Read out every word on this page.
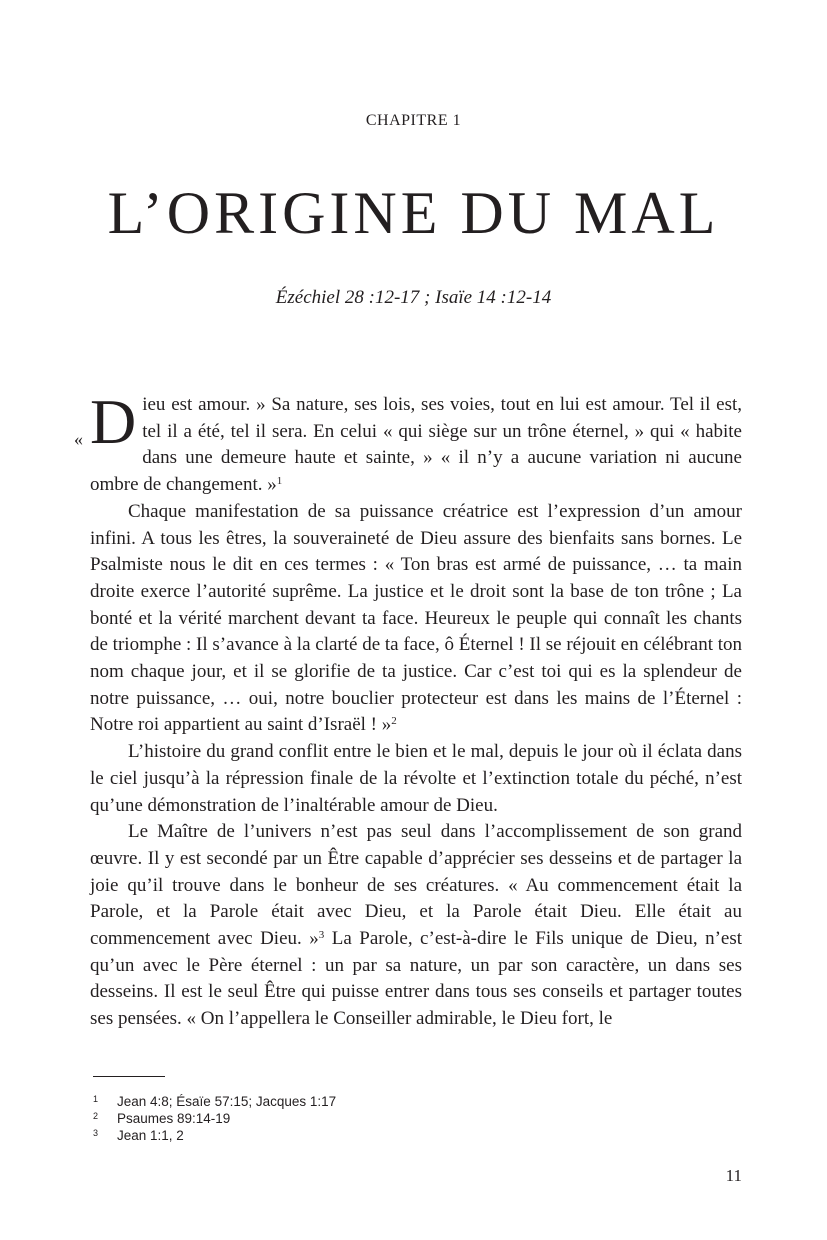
CHAPITRE 1
L’ORIGINE DU MAL
Ézéchiel 28 :12-17 ; Isaïe 14 :12-14
« Dieu est amour. » Sa nature, ses lois, ses voies, tout en lui est amour. Tel il est, tel il a été, tel il sera. En celui « qui siège sur un trône éternel, » qui « habite dans une demeure haute et sainte, » « il n’y a aucune variation ni aucune ombre de changement. »$^1$

Chaque manifestation de sa puissance créatrice est l’expression d’un amour infini. A tous les êtres, la souveraineté de Dieu assure des bienfaits sans bornes. Le Psalmiste nous le dit en ces termes : « Ton bras est armé de puissance, … ta main droite exerce l’autorité suprême. La justice et le droit sont la base de ton trône ; La bonté et la vérité marchent devant ta face. Heureux le peuple qui connaît les chants de triomphe : Il s’avance à la clarté de ta face, ô Éternel ! Il se réjouit en célébrant ton nom chaque jour, et il se glorifie de ta justice. Car c’est toi qui es la splendeur de notre puissance, … oui, notre bouclier protecteur est dans les mains de l’Éternel : Notre roi appartient au saint d’Israël ! »$^2$

L’histoire du grand conflit entre le bien et le mal, depuis le jour où il éclata dans le ciel jusqu’à la répression finale de la révolte et l’extinction totale du péché, n’est qu’une démonstration de l’inaltérable amour de Dieu.

Le Maître de l’univers n’est pas seul dans l’accomplissement de son grand œuvre. Il y est secondé par un Être capable d’apprécier ses desseins et de partager la joie qu’il trouve dans le bonheur de ses créatures. « Au commencement était la Parole, et la Parole était avec Dieu, et la Parole était Dieu. Elle était au commencement avec Dieu. »$^3$ La Parole, c’est-à-dire le Fils unique de Dieu, n’est qu’un avec le Père éternel : un par sa nature, un par son caractère, un dans ses desseins. Il est le seul Être qui puisse entrer dans tous ses conseils et partager toutes ses pensées. « On l’appellera le Conseiller admirable, le Dieu fort, le

1	Jean 4:8; Ésaïe 57:15; Jacques 1:17
2	Psaumes 89:14-19
3	Jean 1:1, 2
11
